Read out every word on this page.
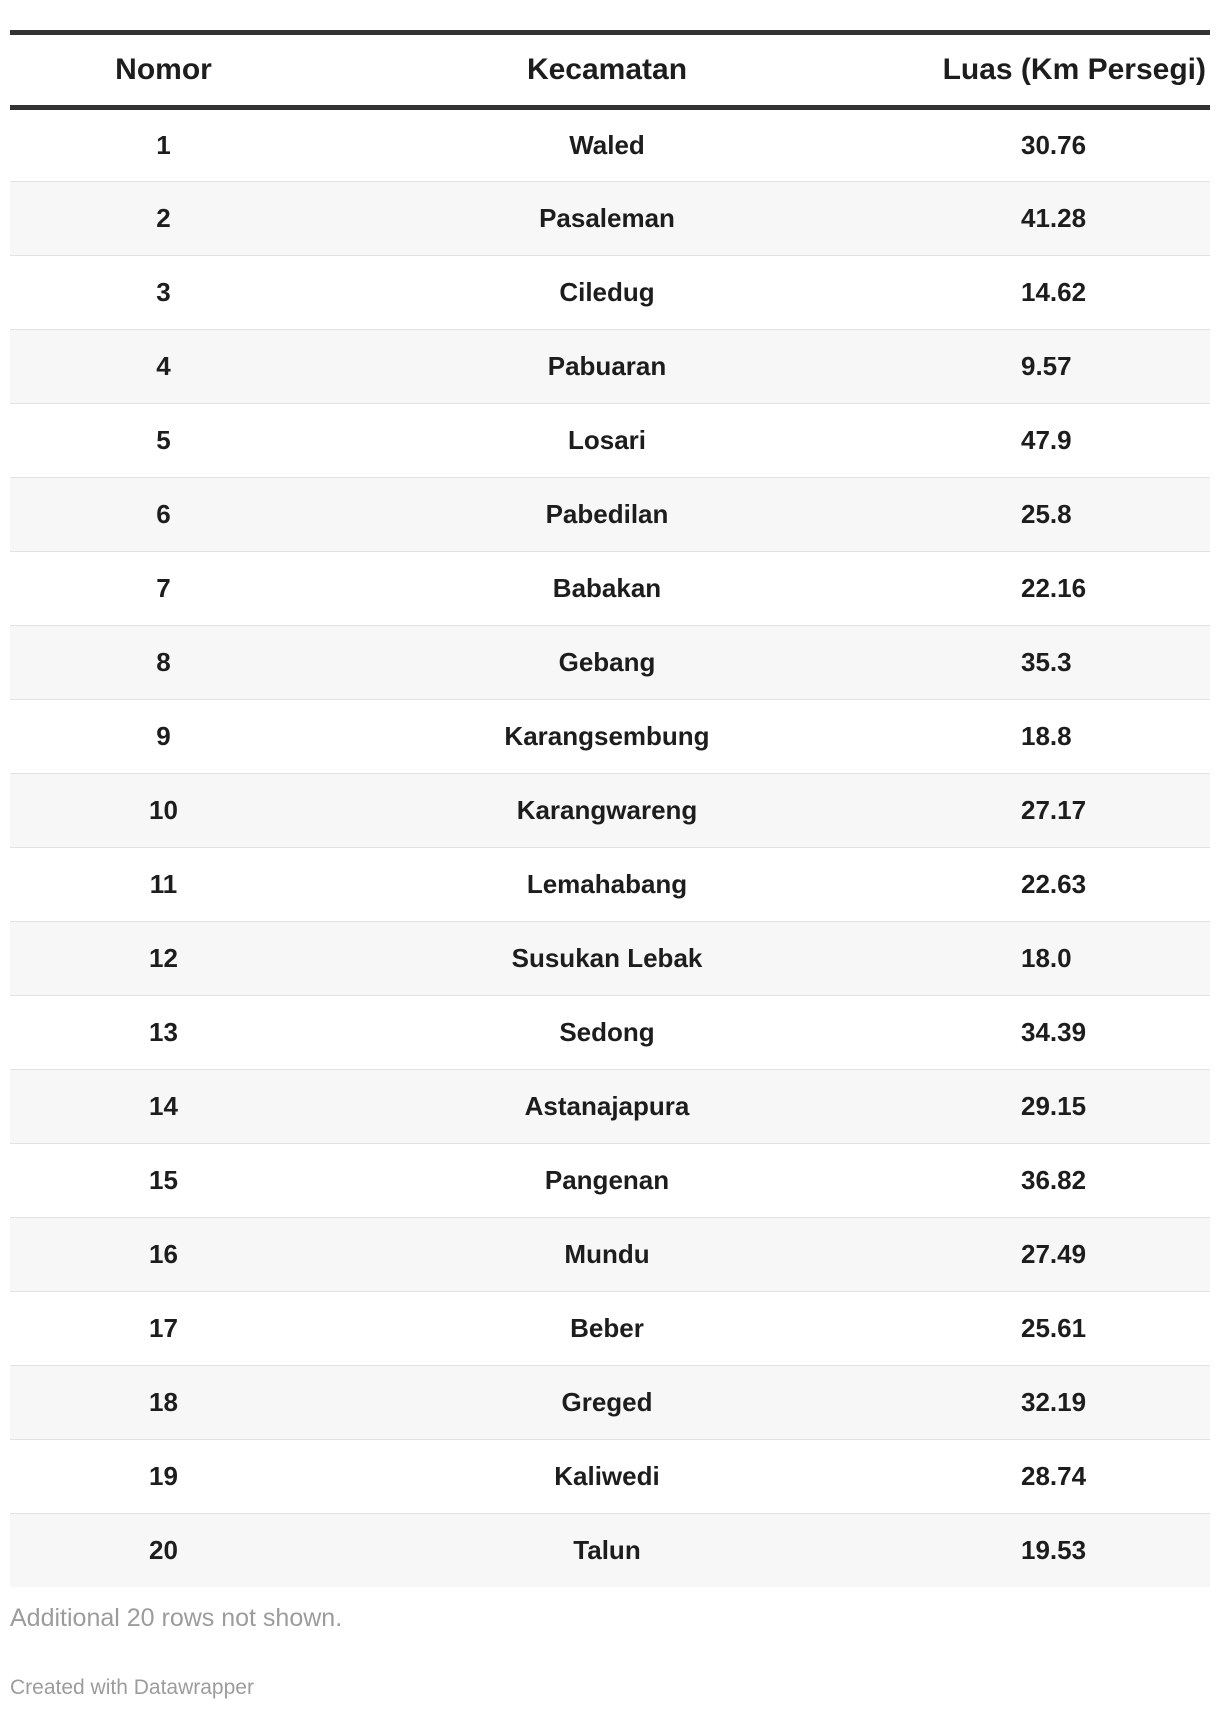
Nomor	Kecamatan	Luas (Km Persegi)
1	Waled	30.76
2	Pasaleman	41.28
3	Ciledug	14.62
4	Pabuaran	9.57
5	Losari	47.9
6	Pabedilan	25.8
7	Babakan	22.16
8	Gebang	35.3
9	Karangsembung	18.8
10	Karangwareng	27.17
11	Lemahabang	22.63
12	Susukan Lebak	18.0
13	Sedong	34.39
14	Astanajapura	29.15
15	Pangenan	36.82
16	Mundu	27.49
17	Beber	25.61
18	Greged	32.19
19	Kaliwedi	28.74
20	Talun	19.53
Additional 20 rows not shown.
Created with Datawrapper
